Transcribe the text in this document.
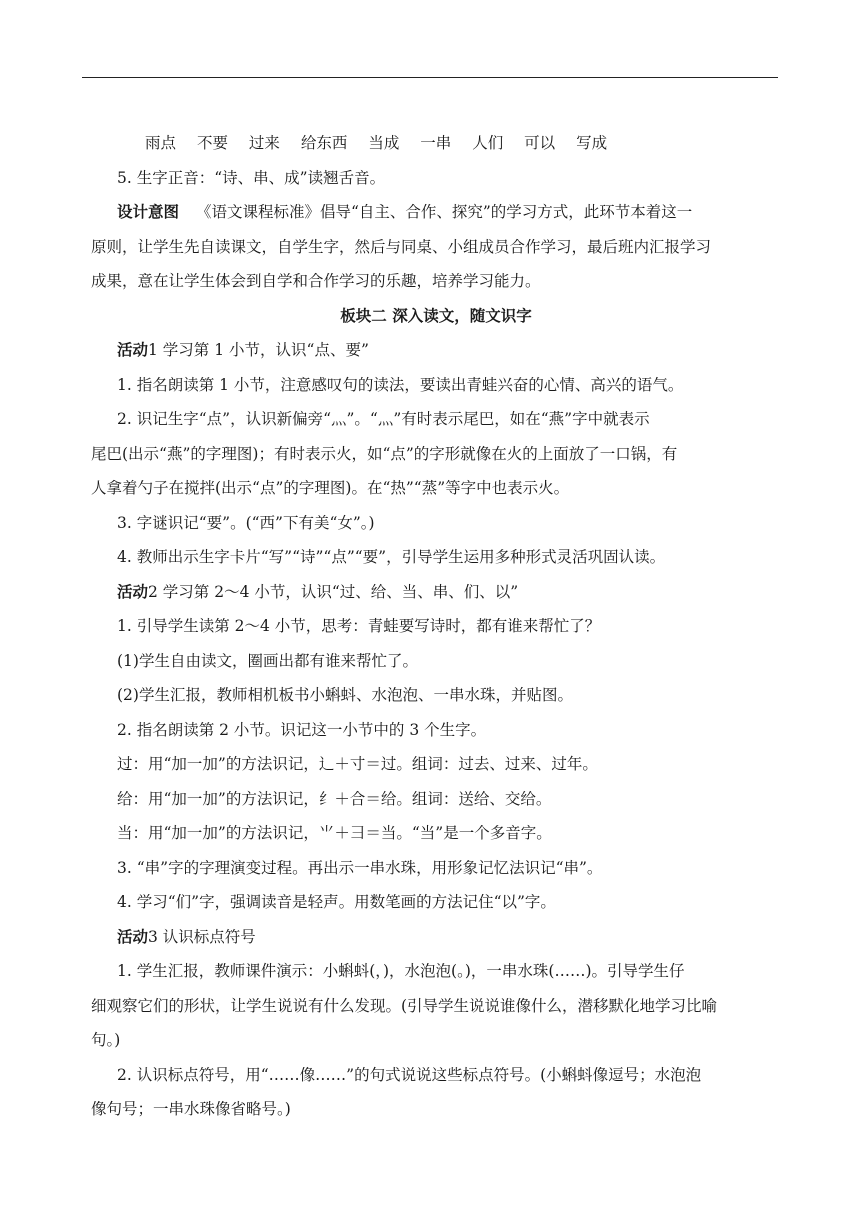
雨点 不要 过来 给东西 当成 一串 人们 可以 写成
5. 生字正音：“诗、串、成”读翘舌音。
设计意图 《语文课程标准》倡导“自主、合作、探究”的学习方式，此环节本着这一
原则，让学生先自读课文，自学生字，然后与同桌、小组成员合作学习，最后班内汇报学习
成果，意在让学生体会到自学和合作学习的乐趣，培养学习能力。
板块二 深入读文，随文识字
活动1 学习第 1 小节，认识“点、要”
1. 指名朗读第 1 小节，注意感叹句的读法，要读出青蛙兴奋的心情、高兴的语气。
2. 识记生字“点”，认识新偏旁“灬”。“灬”有时表示尾巴，如在“燕”字中就表示
尾巴(出示“燕”的字理图)；有时表示火，如“点”的字形就像在火的上面放了一口锅，有
人拿着勺子在搅拌(出示“点”的字理图)。在“热”“蒸”等字中也表示火。
3. 字谜识记“要”。(“西”下有美“女”。)
4. 教师出示生字卡片“写”“诗”“点”“要”，引导学生运用多种形式灵活巩固认读。
活动2 学习第 2～4 小节，认识“过、给、当、串、们、以”
1. 引导学生读第 2～4 小节，思考：青蛙要写诗时，都有谁来帮忙了？
(1)学生自由读文，圈画出都有谁来帮忙了。
(2)学生汇报，教师相机板书小蝌蚪、水泡泡、一串水珠，并贴图。
2. 指名朗读第 2 小节。识记这一小节中的 3 个生字。
过：用“加一加”的方法识记，辶＋寸＝过。组词：过去、过来、过年。
给：用“加一加”的方法识记，纟＋合＝给。组词：送给、交给。
当：用“加一加”的方法识记，⺌＋彐＝当。“当”是一个多音字。
3. “串”字的字理演变过程。再出示一串水珠，用形象记忆法识记“串”。
4. 学习“们”字，强调读音是轻声。用数笔画的方法记住“以”字。
活动3 认识标点符号
1. 学生汇报，教师课件演示：小蝌蚪(，)，水泡泡(。)，一串水珠(……)。引导学生仔
细观察它们的形状，让学生说说有什么发现。(引导学生说说谁像什么，潜移默化地学习比喻
句。)
2. 认识标点符号，用“……像……”的句式说说这些标点符号。(小蝌蚪像逗号；水泡泡
像句号；一串水珠像省略号。)
